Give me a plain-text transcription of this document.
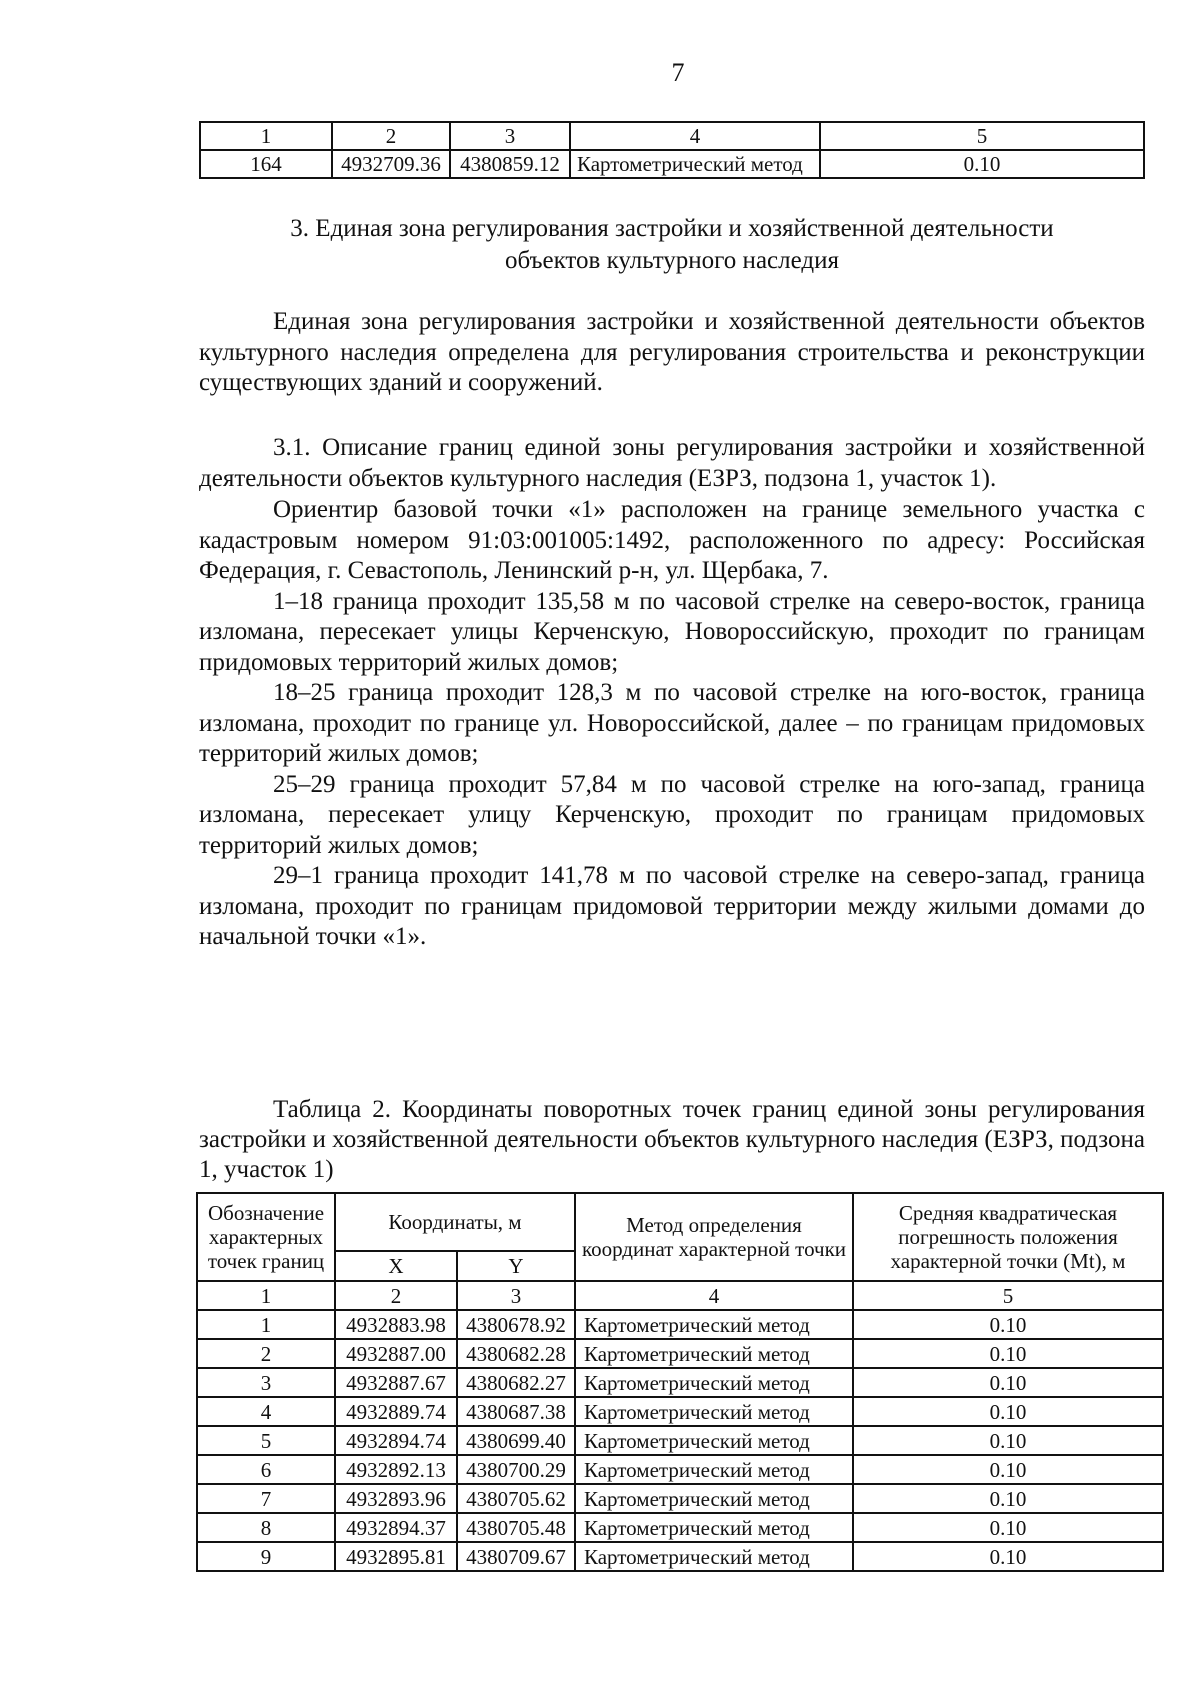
7
1	2	3	4	5
164	4932709.36	4380859.12	Картометрический метод	0.10
3. Единая зона регулирования застройки и хозяйственной деятельности
объектов культурного наследия

Единая зона регулирования застройки и хозяйственной деятельности объектов культурного наследия определена для регулирования строительства и реконструкции существующих зданий и сооружений.

3.1. Описание границ единой зоны регулирования застройки и хозяйственной деятельности объектов культурного наследия (ЕЗРЗ, подзона 1, участок 1).

Ориентир базовой точки «1» расположен на границе земельного участка с кадастровым номером 91:03:001005:1492, расположенного по адресу: Российская Федерация, г. Севастополь, Ленинский р-н, ул. Щербака, 7.

1–18 граница проходит 135,58 м по часовой стрелке на северо-восток, граница изломана, пересекает улицы Керченскую, Новороссийскую, проходит по границам придомовых территорий жилых домов;

18–25 граница проходит 128,3 м по часовой стрелке на юго-восток, граница изломана, проходит по границе ул. Новороссийской, далее – по границам придомовых территорий жилых домов;

25–29 граница проходит 57,84 м по часовой стрелке на юго-запад, граница изломана, пересекает улицу Керченскую, проходит по границам придомовых территорий жилых домов;

29–1 граница проходит 141,78 м по часовой стрелке на северо-запад, граница изломана, проходит по границам придомовой территории между жилыми домами до начальной точки «1».

Таблица 2. Координаты поворотных точек границ единой зоны регулирования застройки и хозяйственной деятельности объектов культурного наследия (ЕЗРЗ, подзона 1, участок 1)

Обозначение характерных точек границ	Координаты, м		Метод определения координат характерной точки	Средняя квадратическая погрешность положения характерной точки (Mt), м
	X	Y		
1	2	3	4	5
1	4932883.98	4380678.92	Картометрический метод	0.10
2	4932887.00	4380682.28	Картометрический метод	0.10
3	4932887.67	4380682.27	Картометрический метод	0.10
4	4932889.74	4380687.38	Картометрический метод	0.10
5	4932894.74	4380699.40	Картометрический метод	0.10
6	4932892.13	4380700.29	Картометрический метод	0.10
7	4932893.96	4380705.62	Картометрический метод	0.10
8	4932894.37	4380705.48	Картометрический метод	0.10
9	4932895.81	4380709.67	Картометрический метод	0.10
